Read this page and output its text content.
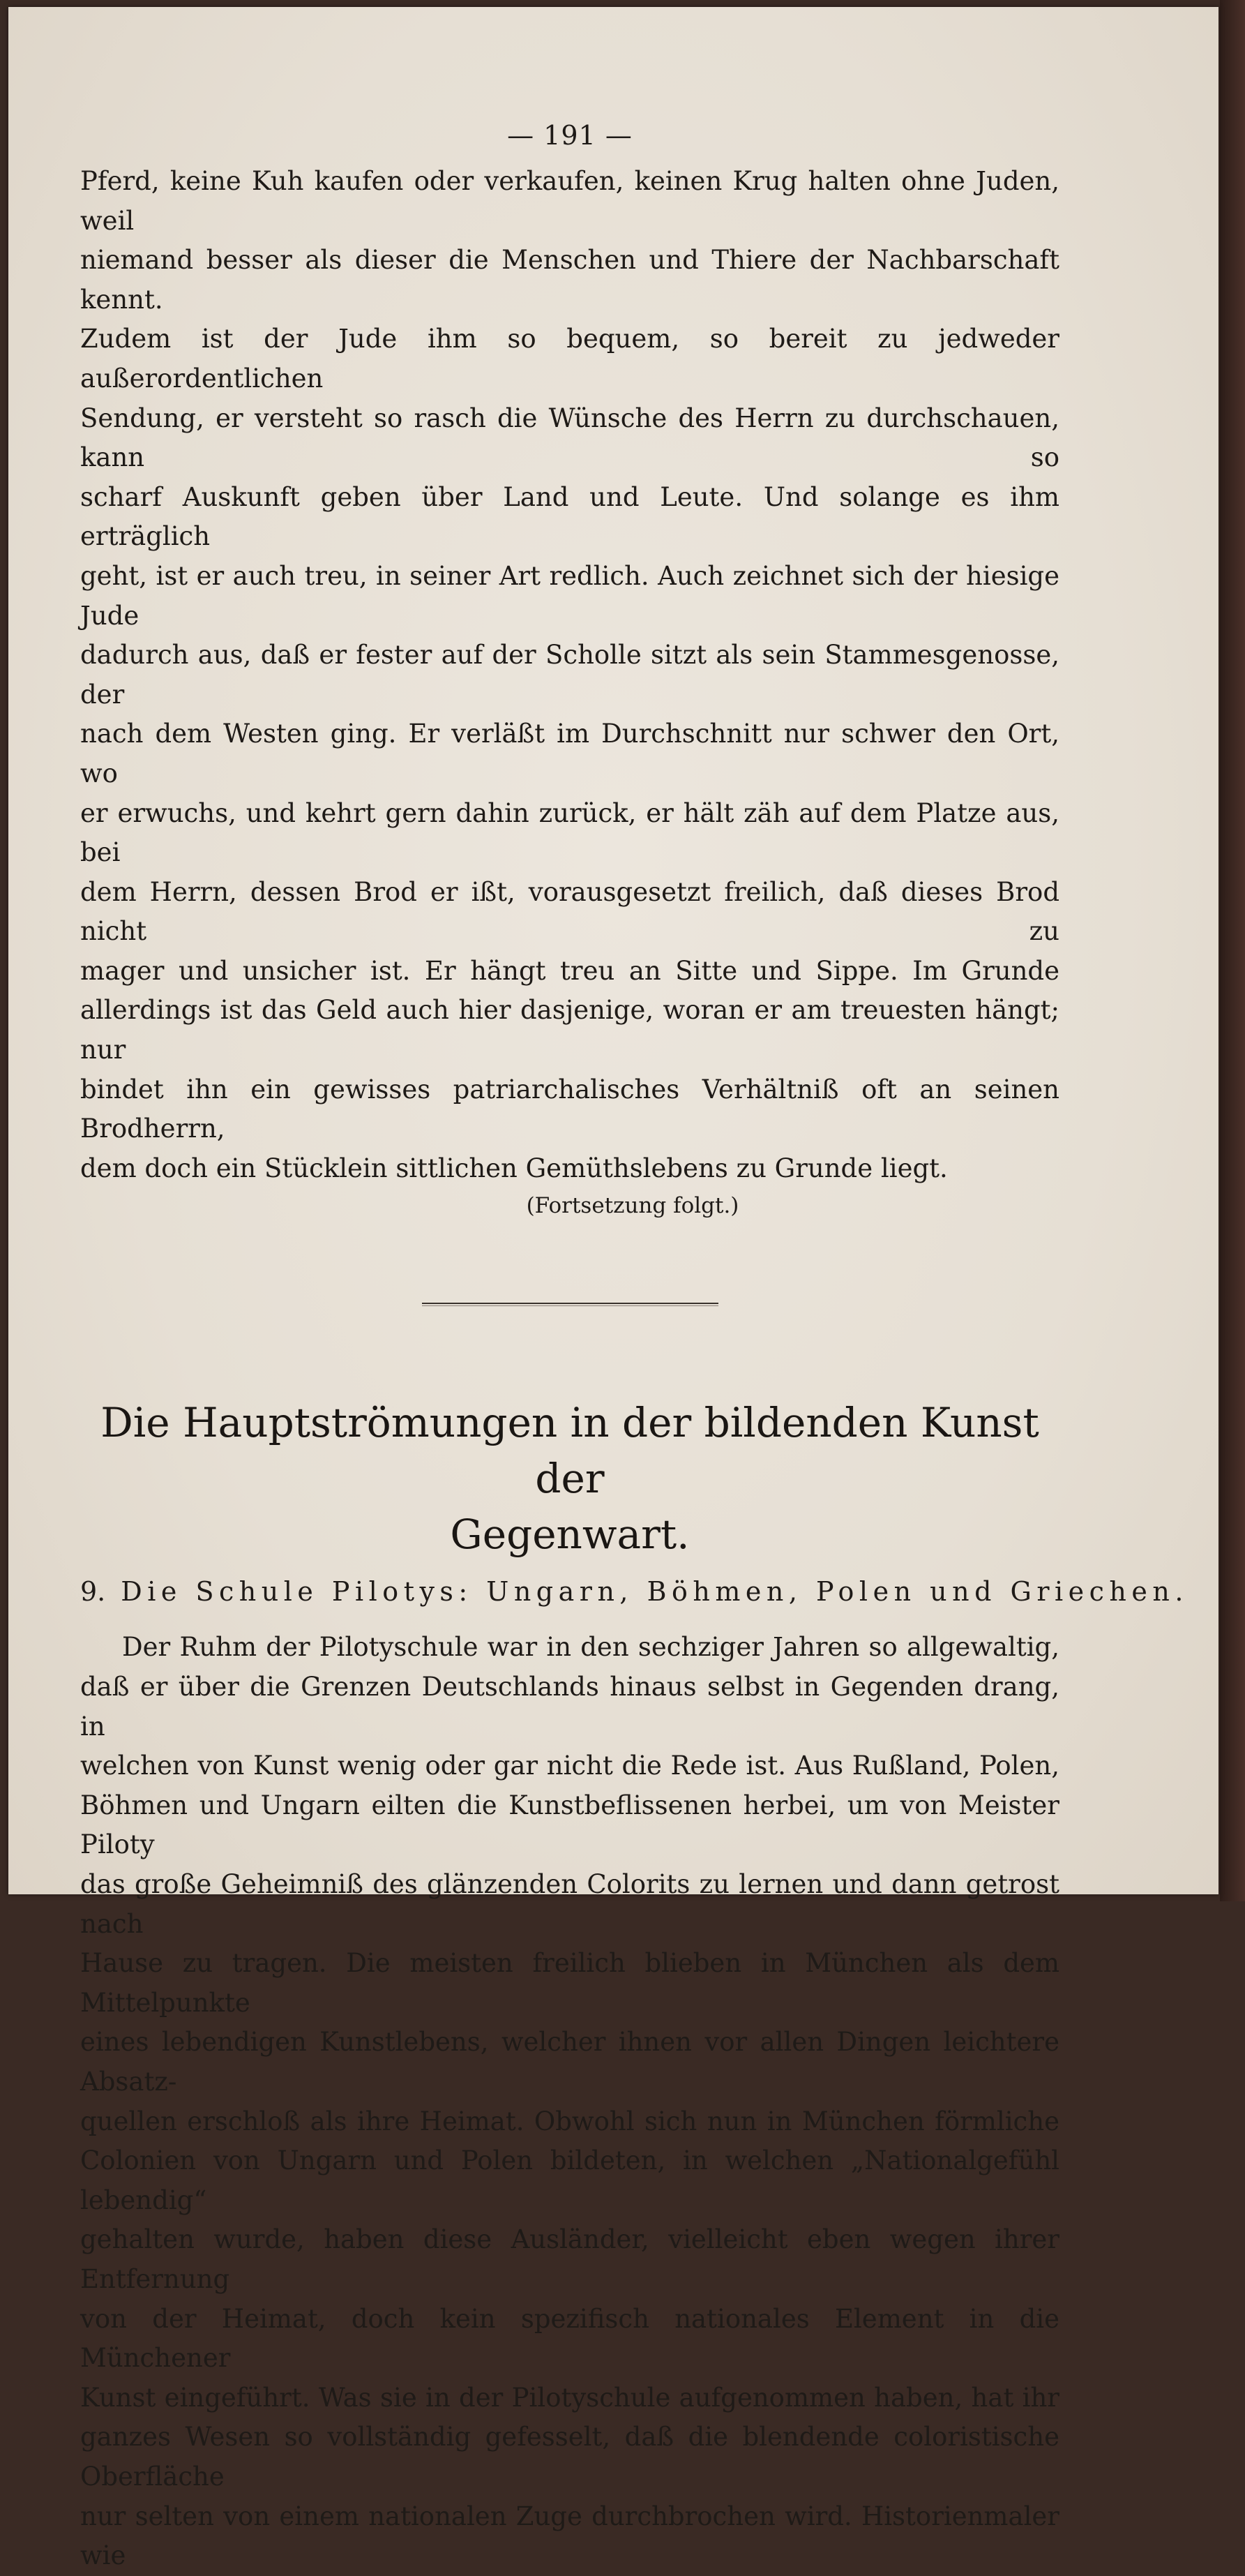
— 191 —

Pferd, keine Kuh kaufen oder verkaufen, keinen Krug halten ohne Juden, weil

niemand besser als dieser die Menschen und Thiere der Nachbarschaft kennt.

Zudem ist der Jude ihm so bequem, so bereit zu jedweder außerordentlichen

Sendung, er versteht so rasch die Wünsche des Herrn zu durchschauen, kann so

scharf Auskunft geben über Land und Leute. Und solange es ihm erträglich

geht, ist er auch treu, in seiner Art redlich. Auch zeichnet sich der hiesige Jude

dadurch aus, daß er fester auf der Scholle sitzt als sein Stammesgenosse, der

nach dem Westen ging. Er verläßt im Durchschnitt nur schwer den Ort, wo

er erwuchs, und kehrt gern dahin zurück, er hält zäh auf dem Platze aus, bei

dem Herrn, dessen Brod er ißt, vorausgesetzt freilich, daß dieses Brod nicht zu

mager und unsicher ist. Er hängt treu an Sitte und Sippe. Im Grunde

allerdings ist das Geld auch hier dasjenige, woran er am treuesten hängt; nur

bindet ihn ein gewisses patriarchalisches Verhältniß oft an seinen Brodherrn,

dem doch ein Stücklein sittlichen Gemüthslebens zu Grunde liegt.

(Fortsetzung folgt.)
Die Hauptströmungen in der bildenden Kunst der
Gegenwart.
9. Die Schule Pilotys: Ungarn, Böhmen, Polen und Griechen.

Der Ruhm der Pilotyschule war in den sechziger Jahren so allgewaltig,

daß er über die Grenzen Deutschlands hinaus selbst in Gegenden drang, in

welchen von Kunst wenig oder gar nicht die Rede ist. Aus Rußland, Polen,

Böhmen und Ungarn eilten die Kunstbeflissenen herbei, um von Meister Piloty

das große Geheimniß des glänzenden Colorits zu lernen und dann getrost nach

Hause zu tragen. Die meisten freilich blieben in München als dem Mittelpunkte

eines lebendigen Kunstlebens, welcher ihnen vor allen Dingen leichtere Absatz-

quellen erschloß als ihre Heimat. Obwohl sich nun in München förmliche

Colonien von Ungarn und Polen bildeten, in welchen „Nationalgefühl lebendig“

gehalten wurde, haben diese Ausländer, vielleicht eben wegen ihrer Entfernung

von der Heimat, doch kein spezifisch nationales Element in die Münchener

Kunst eingeführt. Was sie in der Pilotyschule aufgenommen haben, hat ihr

ganzes Wesen so vollständig gefesselt, daß die blendende coloristische Oberfläche

nur selten von einem nationalen Zuge durchbrochen wird. Historienmaler wie
